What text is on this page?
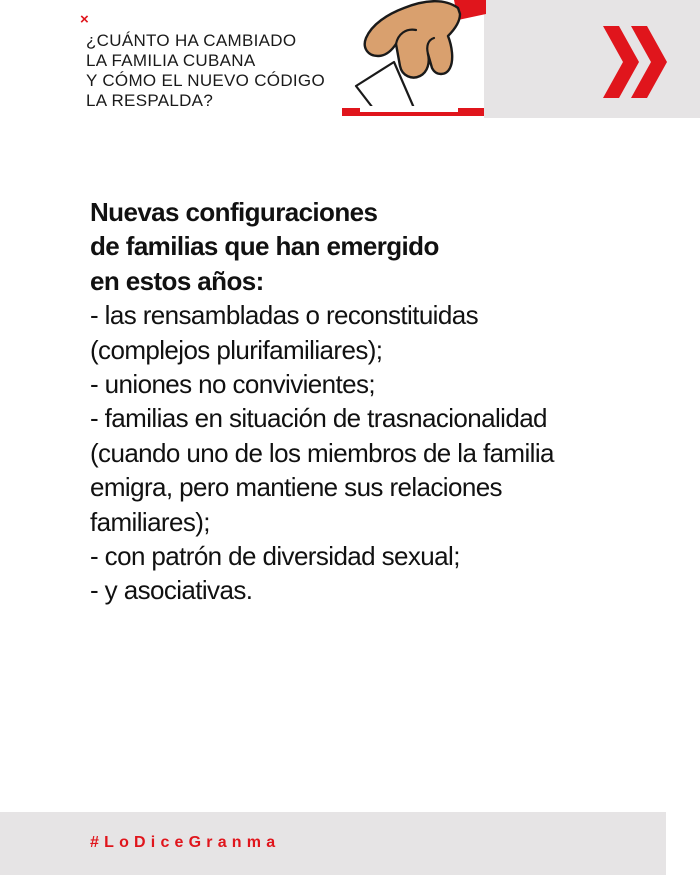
×
¿CUÁNTO HA CAMBIADO
LA FAMILIA CUBANA
Y CÓMO EL NUEVO CÓDIGO
LA RESPALDA?
Nuevas configuraciones
de familias que han emergido
en estos años:
- las rensambladas o reconstituidas
(complejos plurifamiliares);
- uniones no convivientes;
- familias en situación de trasnacionalidad
(cuando uno de los miembros de la familia
emigra, pero mantiene sus relaciones
familiares);
- con patrón de diversidad sexual;
- y asociativas.
#LoDiceGranma
